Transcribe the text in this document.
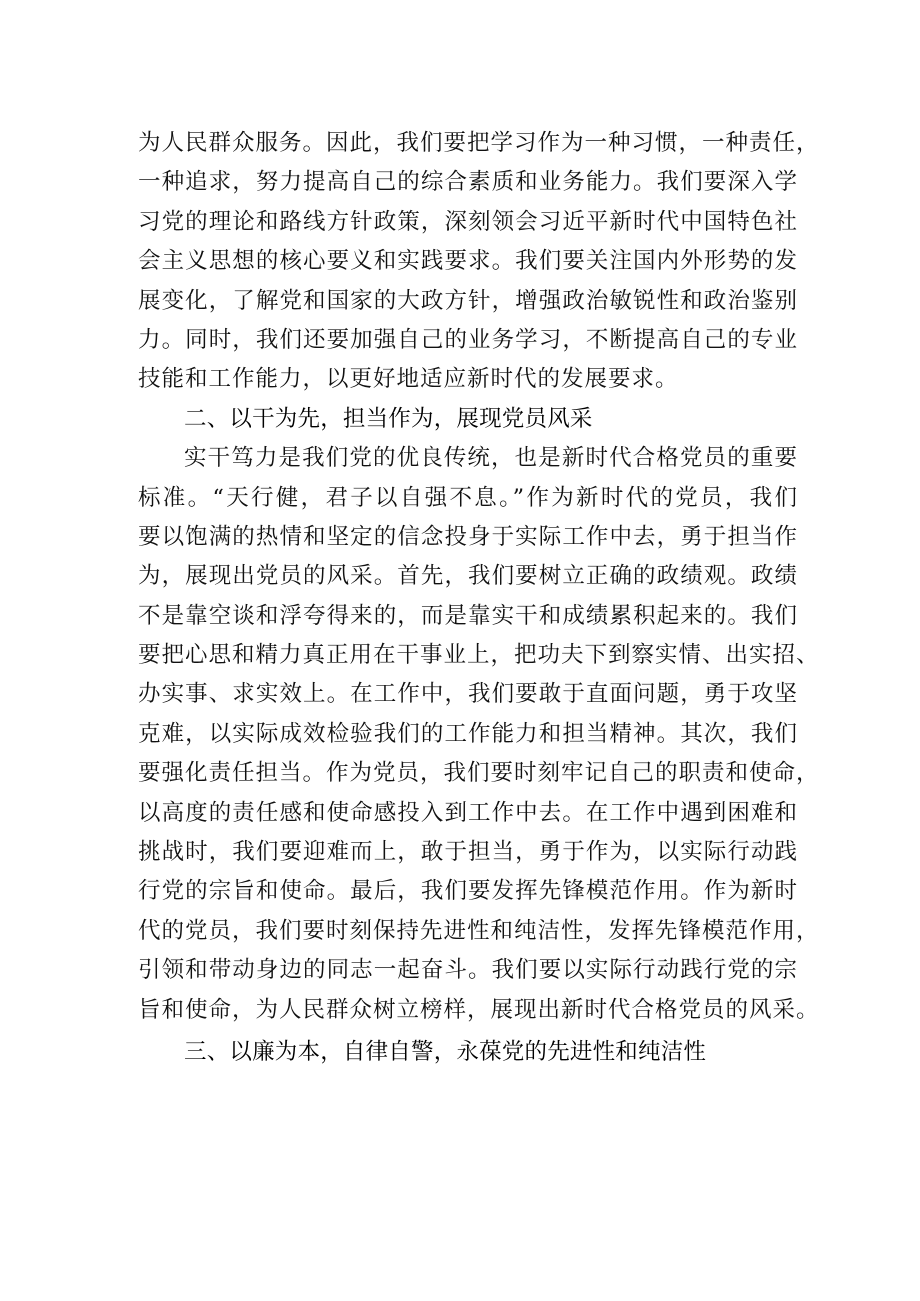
为人民群众服务。因此，我们要把学习作为一种习惯，一种责任，
一种追求，努力提高自己的综合素质和业务能力。我们要深入学
习党的理论和路线方针政策，深刻领会习近平新时代中国特色社
会主义思想的核心要义和实践要求。我们要关注国内外形势的发
展变化，了解党和国家的大政方针，增强政治敏锐性和政治鉴别
力。同时，我们还要加强自己的业务学习，不断提高自己的专业
技能和工作能力，以更好地适应新时代的发展要求。
二、以干为先，担当作为，展现党员风采
实干笃力是我们党的优良传统，也是新时代合格党员的重要
标准。“天行健，君子以自强不息。”作为新时代的党员，我们
要以饱满的热情和坚定的信念投身于实际工作中去，勇于担当作
为，展现出党员的风采。首先，我们要树立正确的政绩观。政绩
不是靠空谈和浮夸得来的，而是靠实干和成绩累积起来的。我们
要把心思和精力真正用在干事业上，把功夫下到察实情、出实招、
办实事、求实效上。在工作中，我们要敢于直面问题，勇于攻坚
克难，以实际成效检验我们的工作能力和担当精神。其次，我们
要强化责任担当。作为党员，我们要时刻牢记自己的职责和使命，
以高度的责任感和使命感投入到工作中去。在工作中遇到困难和
挑战时，我们要迎难而上，敢于担当，勇于作为，以实际行动践
行党的宗旨和使命。最后，我们要发挥先锋模范作用。作为新时
代的党员，我们要时刻保持先进性和纯洁性，发挥先锋模范作用，
引领和带动身边的同志一起奋斗。我们要以实际行动践行党的宗
旨和使命，为人民群众树立榜样，展现出新时代合格党员的风采。
三、以廉为本，自律自警，永葆党的先进性和纯洁性
